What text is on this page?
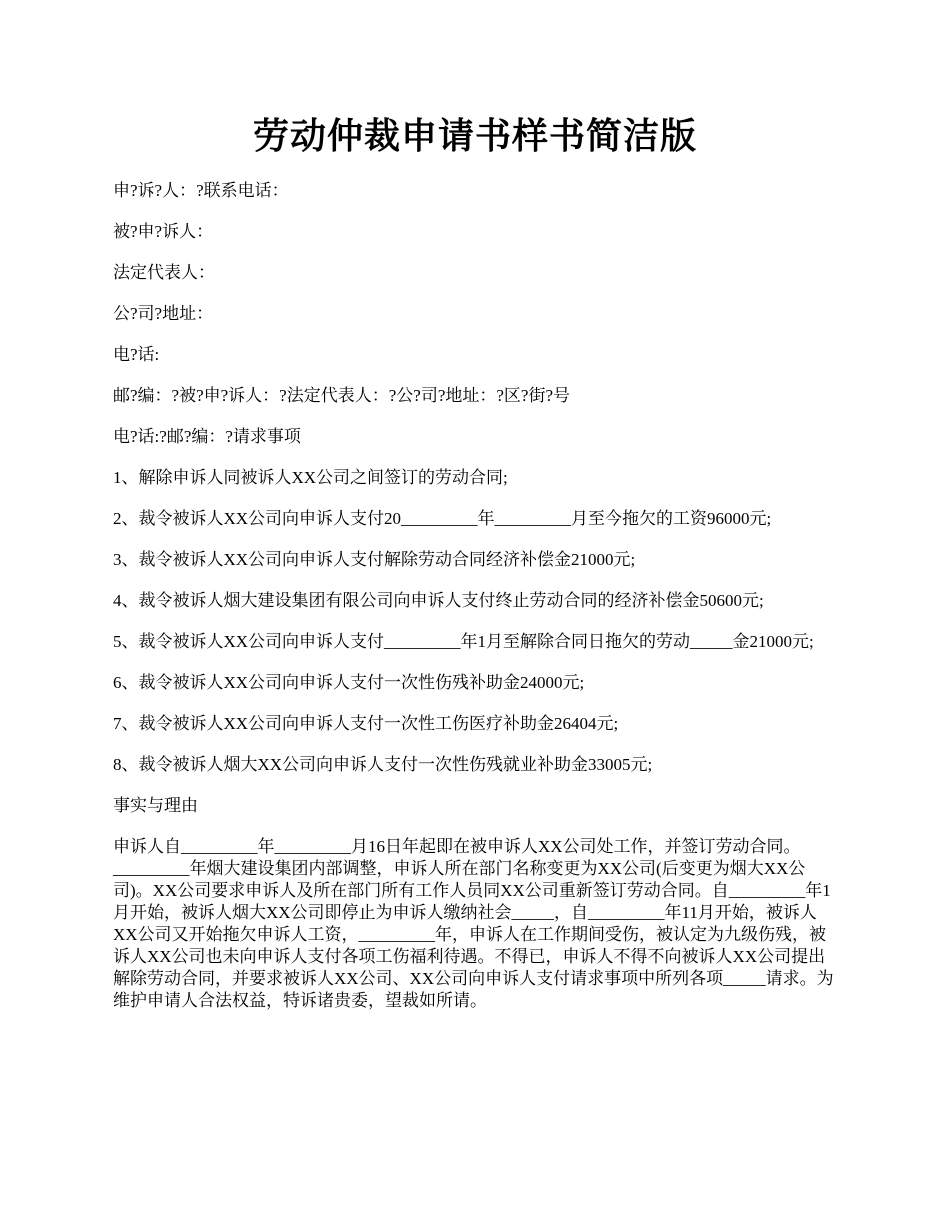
劳动仲裁申请书样书简洁版

申?诉?人：?联系电话：

被?申?诉人：

法定代表人：

公?司?地址：

电?话:

邮?编：?被?申?诉人：?法定代表人：?公?司?地址：?区?街?号

电?话:?邮?编：?请求事项

1、解除申诉人同被诉人XX公司之间签订的劳动合同;

2、裁令被诉人XX公司向申诉人支付20_________年_________月至今拖欠的工资96000元;

3、裁令被诉人XX公司向申诉人支付解除劳动合同经济补偿金21000元;

4、裁令被诉人烟大建设集团有限公司向申诉人支付终止劳动合同的经济补偿金50600元;

5、裁令被诉人XX公司向申诉人支付_________年1月至解除合同日拖欠的劳动_____金21000元;

6、裁令被诉人XX公司向申诉人支付一次性伤残补助金24000元;

7、裁令被诉人XX公司向申诉人支付一次性工伤医疗补助金26404元;

8、裁令被诉人烟大XX公司向申诉人支付一次性伤残就业补助金33005元;

事实与理由

申诉人自_________年_________月16日年起即在被申诉人XX公司处工作，并签订劳动合同。_________年烟大建设集团内部调整，申诉人所在部门名称变更为XX公司(后变更为烟大XX公司)。XX公司要求申诉人及所在部门所有工作人员同XX公司重新签订劳动合同。自_________年1月开始，被诉人烟大XX公司即停止为申诉人缴纳社会_____，自_________年11月开始，被诉人XX公司又开始拖欠申诉人工资，_________年，申诉人在工作期间受伤，被认定为九级伤残，被诉人XX公司也未向申诉人支付各项工伤福利待遇。不得已，申诉人不得不向被诉人XX公司提出解除劳动合同，并要求被诉人XX公司、XX公司向申诉人支付请求事项中所列各项_____请求。为维护申请人合法权益，特诉诸贵委，望裁如所请。
